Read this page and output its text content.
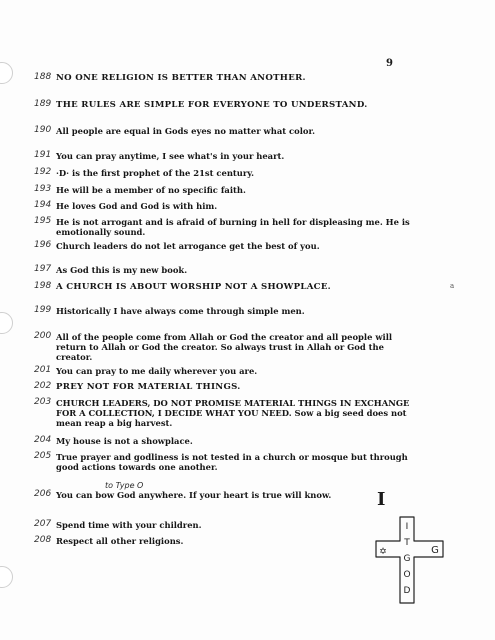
9
188 NO ONE RELIGION IS BETTER THAN ANOTHER.
189 THE RULES ARE SIMPLE FOR EVERYONE TO UNDERSTAND.
190 All people are equal in Gods eyes no matter what color.
191 You can pray anytime, I see what's in your heart.
192 ·D· is the first prophet of the 21st century.
193 He will be a member of no specific faith.
194 He loves God and God is with him.
195 He is not arrogant and is afraid of burning in hell for displeasing me. He is emotionally sound.
196 Church leaders do not let arrogance get the best of you.
197 As God this is my new book.
198 A CHURCH IS ABOUT WORSHIP NOT A SHOWPLACE.
199 Historically I have always come through simple men.
200 All of the people come from Allah or God the creator and all people will return to Allah or God the creator. So always trust in Allah or God the creator.
201 You can pray to me daily wherever you are.
202 PREY NOT FOR MATERIAL THINGS.
203 CHURCH LEADERS, DO NOT PROMISE MATERIAL THINGS IN EXCHANGE FOR A COLLECTION, I DECIDE WHAT YOU NEED. Sow a big seed does not mean reap a big harvest.
204 My house is not a showplace.
205 True prayer and godliness is not tested in a church or mosque but through good actions towards one another.
206 You can bow God anywhere. If your heart is true will know.
207 Spend time with your children.
208 Respect all other religions.
to Type O
I
a
I T G O D
G
✡
